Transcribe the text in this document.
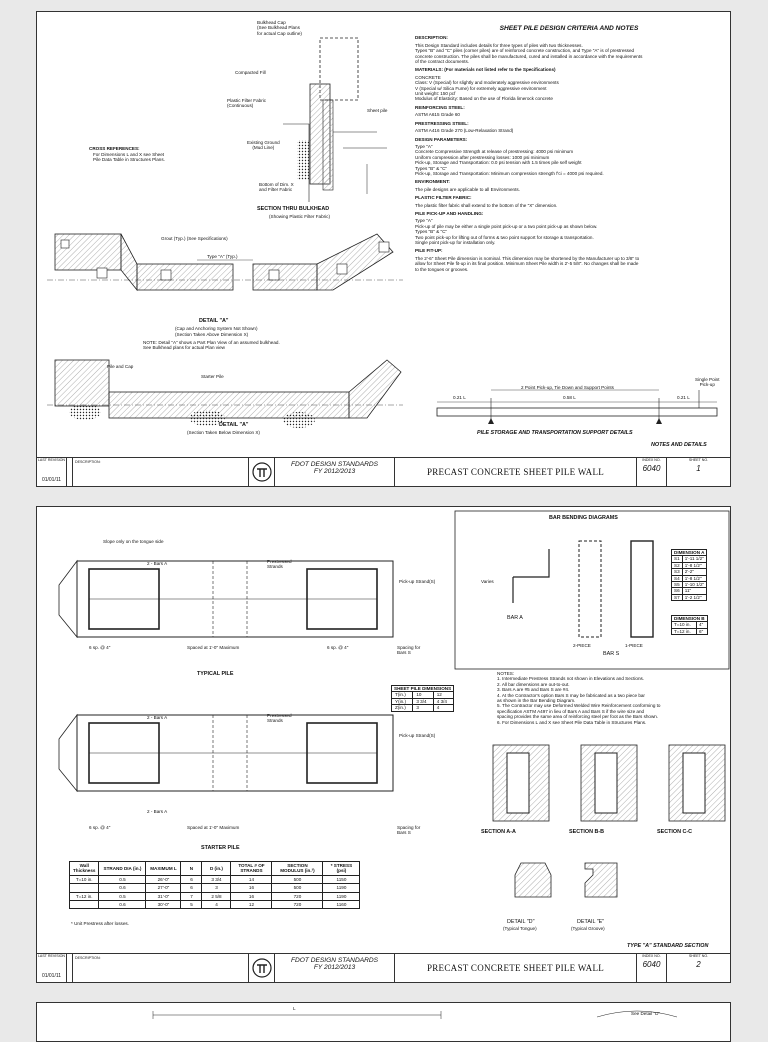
Bulkhead Cap
(See Bulkhead Plans
for actual Cap outline)
Compacted Fill
Plastic Filter Fabric
(Continuous)
Sheet pile
Existing Ground
(Mud Line)
Bottom of Dim. X
and Filter Fabric
CROSS REFERENCES:
For Dimensions L and X see Sheet
Pile Data Table in Structures Plans.
SECTION THRU BULKHEAD
(Showing Plastic Filter Fabric)
Grout (Typ.) (See Specifications)
Type "A" (Typ.)
DETAIL "A"
(Cap and Anchoring System Not Shown)
(Section Taken Above Dimension X)
NOTE: Detail "A" shows a Part Plan View of an assumed bulkhead.
See Bulkhead plans for actual Plan view
Pile and Cap
Starter Pile
DETAIL "A"
(Section Taken Below Dimension X)
SHEET PILE DESIGN CRITERIA AND NOTES

DESCRIPTION:

This Design Standard includes details for three types of piles with two thicknesses.
Types "B" and "C" piles (corner piles) are of reinforced concrete construction, and Type "A" is of prestressed
concrete construction. The piles shall be manufactured, cured and installed in accordance with the requirements
of the contract documents.

MATERIALS: (For materials not listed refer to the Specifications)

CONCRETE
Class: V (Special) for slightly and moderately aggressive environments
V (Special w/ Silica Fume) for extremely aggressive environment
Unit weight: 150 pcf
Modulus of Elasticity: Based on the use of Florida limerock concrete

REINFORCING STEEL:

ASTM A615 Grade 60

PRESTRESSING STEEL:

ASTM A416 Grade 270 (Low-Relaxation Strand)

DESIGN PARAMETERS:

Type "A"
Concrete Compressive Strength at release of prestressing: 4000 psi minimum
Uniform compression after prestressing losses: 1000 psi minimum
Pick-up, Storage and Transportation: 0.0 psi tension with 1.5 times pile self weight
Types "B" & "C"
Pick-up, Storage and Transportation: Minimum compression strength f'ci = 4000 psi required.

ENVIRONMENT:

The pile designs are applicable to all Environments.

PLASTIC FILTER FABRIC:

The plastic filter fabric shall extend to the bottom of the "X" dimension.

PILE PICK-UP AND HANDLING:

Type "A"
Pick-up of pile may be either a single point pick-up or a two point pick-up as shown below.
Types "B" & "C"
Two point pick-up for lifting out of forms & two point support for storage & transportation.
Single point pick-up for installation only.

PILE FIT-UP:

The 2'-6" Sheet Pile dimension is nominal. This dimension may be shortened by the Manufacturer up to 3/8" to
allow for Sheet Pile fit-up in its final position. Minimum Sheet Pile width is 2'-5 5/8". No changes shall be made
to the tongues or grooves.

2 Point Pick-up, Tie Down and Support Points
Single Point
Pick-up
0.21 L	0.58 L	0.21 L
PILE STORAGE AND TRANSPORTATION SUPPORT DETAILS
NOTES AND DETAILS
LAST REVISION
01/01/11
DESCRIPTION:	FDOT DESIGN STANDARDS
FY 2012/2013	PRECAST CONCRETE SHEET PILE WALL
INDEX NO.
6040
SHEET NO.
1
Slope only on the tongue side
2 - Bars A	Prestressed
Strands
Pick-up Strand(S)
6 sp. @ 4"	Spaced at 1'-0" Maximum	6 sp. @ 4"	Spacing for
Bars S
TYPICAL PILE
2 - Bars A	Prestressed
Strands
Pick-up Strand(S)
2 - Bars A
6 sp. @ 4"	Spaced at 1'-0" Maximum	Spacing for
Bars S
STARTER PILE
BAR BENDING DIAGRAMS
Varies
BAR A
2-PIECE	1-PIECE
BAR S
DIMENSION A	
S1	1'-11 1/2"
S2	1'-8 1/2"
S3	2'-2"
S4	1'-8 1/2"
S5	1'-10 1/2"
S6	11"
S7	1'-2 1/2"
DIMENSION B	
T=10 in.	4"
T=12 in.	6"
SHEET PILE DIMENSIONS		
T(in.)	10	12
Y(in.)	3 3/4	4 3/4
Z(in.)	3	4
NOTES:
1. Intermediate Prestress Strands not shown in Elevations and Sections.
2. All bar dimensions are out-to-out.
3. Bars A are #5 and Bars S are #4.
4. At the Contractor's option Bars S may be fabricated as a two piece bar
as shown in the Bar Bending Diagram.
5. The Contractor may use Deformed Welded Wire Reinforcement conforming to
specification ASTM A497 in lieu of Bars A and Bars S if the wire size and
spacing provides the same area of reinforcing steel per foot as the Bars shown.
6. For Dimensions L and X see Sheet Pile Data Table in Structures Plans.
SECTION A-A	SECTION B-B	SECTION C-C
DETAIL "D"
(Typical Tongue)
DETAIL "E"
(Typical Groove)
TYPE "A" STANDARD SECTION
Wall Thickness	STRAND DIA (in.)	MAXIMUM L	N	D (in.)	TOTAL # OF STRANDS	SECTION MODULUS (in.³)	* STRESS (psi)
T=10 in.	0.5	26'-0"	6	3 3/4	14	500	1150
	0.6	27'-0"	6	3	16	500	1190
T=12 in.	0.5	31'-0"	7	2 5/8	16	720	1190
	0.6	30'-0"	5	4	12	720	1160
* Unit Prestress after losses.
LAST REVISION
01/01/11
DESCRIPTION:	FDOT DESIGN STANDARDS
FY 2012/2013	PRECAST CONCRETE SHEET PILE WALL
INDEX NO.
6040
SHEET NO.
2
L
See Detail "D"
